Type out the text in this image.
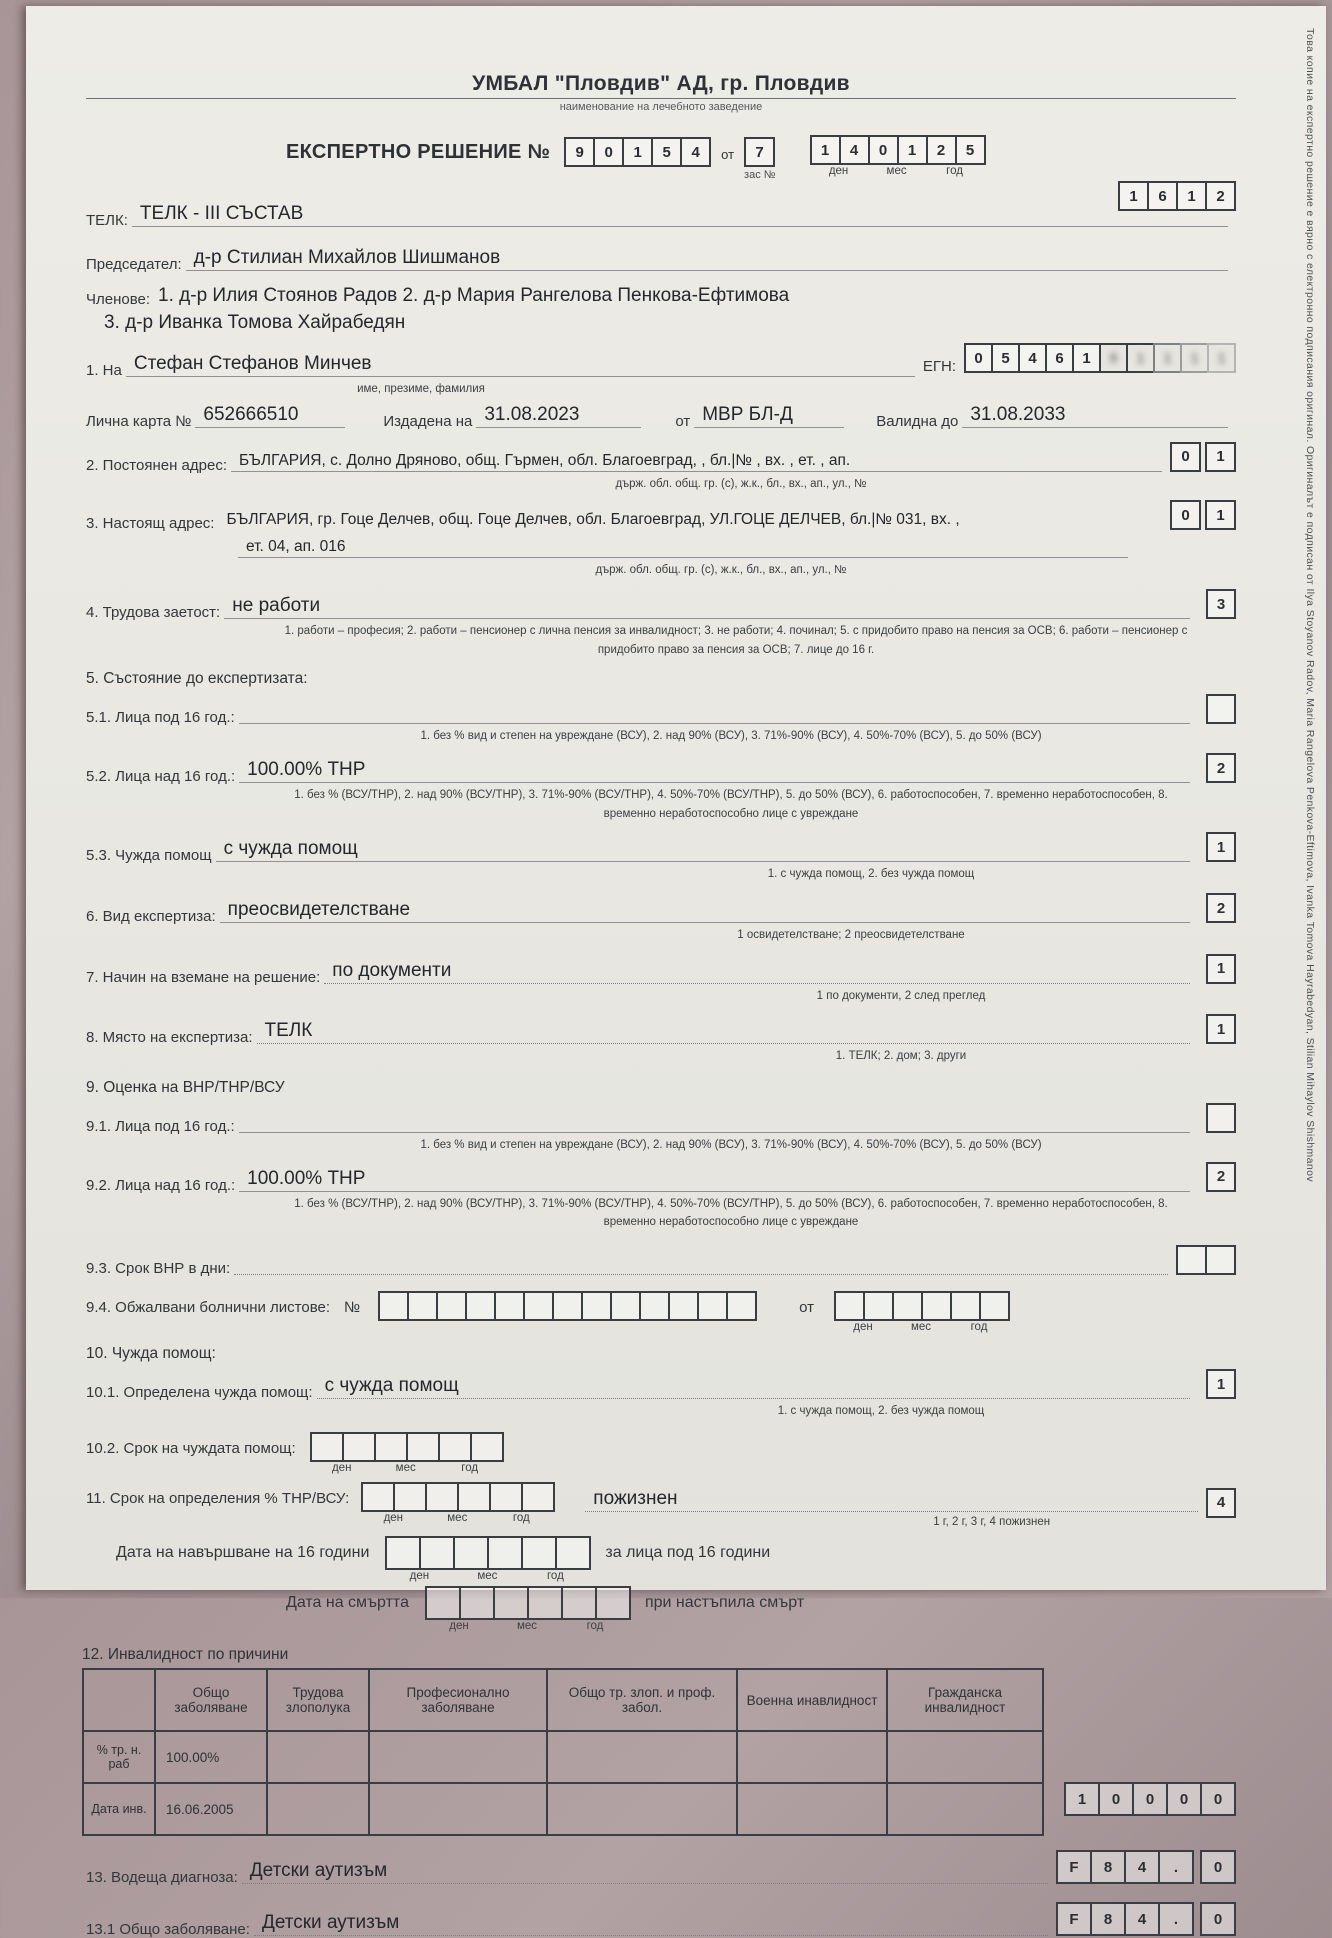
Това копие на експертно решение е вярно с електронно подписания оригинал. Оригиналът е подписан от Ilya Stoyanov Radov, Maria Rangelova Penkova-Eftimova, Ivanka Tomova Hayrabedyan, Stilian Mihaylov Shishmanov
УМБАЛ "Пловдив" АД, гр. Пловдив
наименование на лечебното заведение
ЕКСПЕРТНО РЕШЕНИЕ №	9	0	1	5	4	от	7
зас №
1	4	0	1	2	5
ден	мес	год
1	6	1	2
ТЕЛК: ТЕЛК - III СЪСТАВ
Председател: д-р Стилиан Михайлов Шишманов
Членове: 1. д-р Илия Стоянов Радов 2. д-р Мария Рангелова Пенкова-Ефтимова
3. д-р Иванка Томова Хайрабедян
1. На Стефан Стефанов Минчев	ЕГН:	0	5	4	6	1	8	1	1	1	1
име, презиме, фамилия
Лична карта № 652666510	Издадена на 31.08.2023	от МВР БЛ-Д	Валидна до 31.08.2033
2. Постоянен адрес: БЪЛГАРИЯ, с. Долно Дряново, общ. Гърмен, обл. Благоевград, , бл.|№ , вх. , ет. , ап.	0	1
държ. обл. общ. гр. (с), ж.к., бл., вх., ап., ул., №
3. Настоящ адрес: БЪЛГАРИЯ, гр. Гоце Делчев, общ. Гоце Делчев, обл. Благоевград, УЛ.ГОЦЕ ДЕЛЧЕВ, бл.|№ 031, вх. ,	0	1
ет. 04, ап. 016
държ. обл. общ. гр. (с), ж.к., бл., вх., ап., ул., №
4. Трудова заетост: не работи	3
1. работи – професия; 2. работи – пенсионер с лична пенсия за инвалидност; 3. не работи; 4. починал; 5. с придобито право на пенсия за ОСВ; 6. работи – пенсионер с придобито право за пенсия за ОСВ; 7. лице до 16 г.
5. Състояние до експертизата:
5.1. Лица под 16 год.:
1. без % вид и степен на увреждане (ВСУ), 2. над 90% (ВСУ), 3. 71%-90% (ВСУ), 4. 50%-70% (ВСУ), 5. до 50% (ВСУ)
5.2. Лица над 16 год.: 100.00% ТНР	2
1. без % (ВСУ/ТНР), 2. над 90% (ВСУ/ТНР), 3. 71%-90% (ВСУ/ТНР), 4. 50%-70% (ВСУ/ТНР), 5. до 50% (ВСУ), 6. работоспособен, 7. временно неработоспособен, 8. временно неработоспособно лице с увреждане
5.3. Чужда помощ с чужда помощ	1
1. с чужда помощ, 2. без чужда помощ
6. Вид експертиза: преосвидетелстване	2
1 освидетелстване; 2 преосвидетелстване
7. Начин на вземане на решение: по документи	1
1 по документи, 2 след преглед
8. Място на експертиза: ТЕЛК	1
1. ТЕЛК; 2. дом; 3. други
9. Оценка на ВНР/ТНР/ВСУ
9.1. Лица под 16 год.:
1. без % вид и степен на увреждане (ВСУ), 2. над 90% (ВСУ), 3. 71%-90% (ВСУ), 4. 50%-70% (ВСУ), 5. до 50% (ВСУ)
9.2. Лица над 16 год.: 100.00% ТНР	2
1. без % (ВСУ/ТНР), 2. над 90% (ВСУ/ТНР), 3. 71%-90% (ВСУ/ТНР), 4. 50%-70% (ВСУ/ТНР), 5. до 50% (ВСУ), 6. работоспособен, 7. временно неработоспособен, 8. временно неработоспособно лице с увреждане
9.3. Срок ВНР в дни:
9.4. Обжалвани болнични листове: №	от
ден	мес	год
10. Чужда помощ:
10.1. Определена чужда помощ: с чужда помощ	1
1. с чужда помощ, 2. без чужда помощ
10.2. Срок на чуждата помощ:
ден	мес	год
11. Срок на определения % ТНР/ВСУ:
ден	мес	год
пожизнен
1 г, 2 г, 3 г, 4 пожизнен
4
Дата на навършване на 16 години
ден	мес	год
за лица под 16 години
Дата на смъртта
ден	мес	год
при настъпила смърт
12. Инвалидност по причини
	Общо заболяване	Трудова злополука	Професионално заболяване	Общо тр. злоп. и проф. забол.	Военна инавлидност	Гражданска инвалидност
% тр. н. раб	100.00%					
Дата инв.	16.06.2005					
1	0	0	0	0
13. Водеща диагноза: Детски аутизъм	F	8	4	.	0
13.1 Общо заболяване: Детски аутизъм	F	8	4	.	0
